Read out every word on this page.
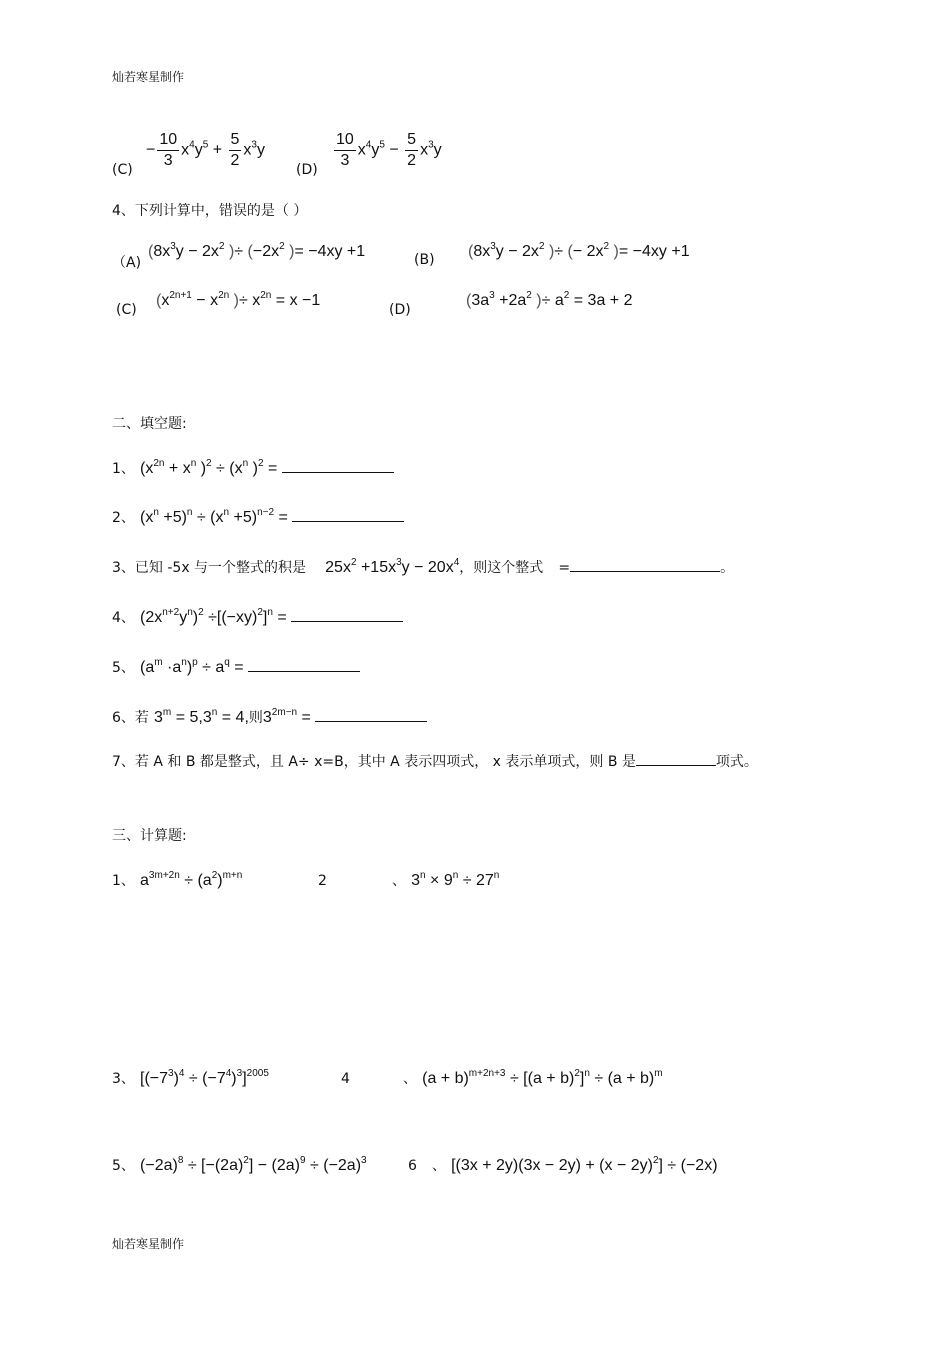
灿若寒星制作
(C)
− $\frac{10}{3} x^4y^5 + \frac{5}{2} x^3y$
$(D) \frac{10}{3} x^4y^5 - \frac{5}{2} x^3y$
4、下列计算中，错误的是（ ）
（A)
($8x^3y - 2x^2$ )÷ ($-2x^2$ )= −4xy +1	(B) ($8x^3y - 2x^2$ )÷ (− $2x^2$ )= −4xy +1
(C)
($x^{2n+1} - x^{2n}$ )÷ $x^{2n} = x -1$
(D)
($3a^3 +2a^2$ )÷ $a^2 = 3a + 2$
二、填空题:
1、 ($x^{2n} + x^n$ )$^2 \div (x^n$ )$^2$ =
2、 $(x^n +5)^n \div (x^n +5)^{n-2}$ =
3、已知 -5x 与一个整式的积是 $25x^2 +15x^3y - 20x^4$，则这个整式 =	。
4、 $(2x^{n+2}y^n)^2 \div[(-xy)^2]^n$ =
5、 $(a^m \cdot a^n)^p \div a^q$ =
6、若 $3^m = 5,3^n = 4$,则$3^{2m-n}$ =
7、若 A 和 B 都是整式，且 A÷ x=B，其中 A 表示四项式， x 表示单项式，则 B 是	项式。
三、计算题:
1、 $a^{3m+2n} \div (a^2)^{m+n}$	2	、 $3^n \times 9^n \div 27^n$
3、 $[(-7^3)^4 \div (-7^4)^3]^{2005}$	4	、 $(a + b)^{m+2n+3} \div [(a + b)^2]^n \div (a + b)^m$
5、 $(-2a)^8 \div [-(2a)^2] - (2a)^9 \div (-2a)^3$	6 、 $[(3x + 2y)(3x - 2y) + (x - 2y)^2] \div (-2x)$
灿若寒星制作
